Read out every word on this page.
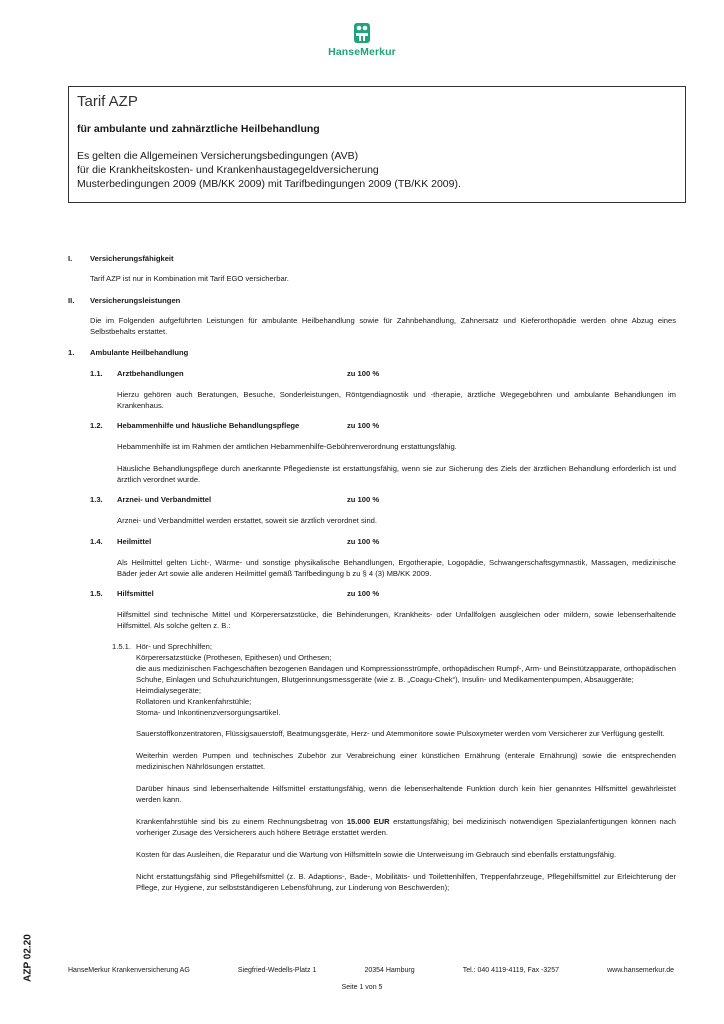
HanseMerkur
Tarif AZP
für ambulante und zahnärztliche Heilbehandlung
Es gelten die Allgemeinen Versicherungsbedingungen (AVB)
für die Krankheitskosten- und Krankenhaustagegeldversicherung
Musterbedingungen 2009 (MB/KK 2009) mit Tarifbedingungen 2009 (TB/KK 2009).
I.	Versicherungsfähigkeit

Tarif AZP ist nur in Kombination mit Tarif EGO versicherbar.

II.	Versicherungsleistungen

Die im Folgenden aufgeführten Leistungen für ambulante Heilbehandlung sowie für Zahnbehandlung, Zahnersatz und Kieferorthopädie werden ohne Abzug eines Selbstbehalts erstattet.

1.	Ambulante Heilbehandlung
1.1.	Arztbehandlungen	zu 100 %

Hierzu gehören auch Beratungen, Besuche, Sonderleistungen, Röntgendiagnostik und -therapie, ärztliche Wegegebühren und ambulante Behandlungen im Krankenhaus.

1.2.	Hebammenhilfe und häusliche Behandlungspflege	zu 100 %

Hebammenhilfe ist im Rahmen der amtlichen Hebammenhilfe-Gebührenverordnung erstattungsfähig.

Häusliche Behandlungspflege durch anerkannte Pflegedienste ist erstattungsfähig, wenn sie zur Sicherung des Ziels der ärztlichen Behandlung erforderlich ist und ärztlich verordnet wurde.

1.3.	Arznei- und Verbandmittel	zu 100 %

Arznei- und Verbandmittel werden erstattet, soweit sie ärztlich verordnet sind.

1.4.	Heilmittel	zu 100 %

Als Heilmittel gelten Licht-, Wärme- und sonstige physikalische Behandlungen, Ergotherapie, Logopädie, Schwangerschaftsgymnastik, Massagen, medizinische Bäder jeder Art sowie alle anderen Heilmittel gemäß Tarifbedingung b zu § 4 (3) MB/KK 2009.

1.5.	Hilfsmittel	zu 100 %

Hilfsmittel sind technische Mittel und Körperersatzstücke, die Behinderungen, Krankheits- oder Unfallfolgen ausgleichen oder mildern, sowie lebenserhaltende Hilfsmittel. Als solche gelten z. B.:

1.5.1. Hör- und Sprechhilfen;
Körperersatzstücke (Prothesen, Epithesen) und Orthesen;
die aus medizinischen Fachgeschäften bezogenen Bandagen und Kompressionsstrümpfe, orthopädischen Rumpf-, Arm- und Beinstützapparate, orthopädischen Schuhe, Einlagen und Schuhzurichtungen, Blutgerinnungsmessgeräte (wie z. B. „Coagu-Chek“), Insulin- und Medikamentenpumpen, Absauggeräte;
Heimdialysegeräte;
Rollatoren und Krankenfahrstühle;
Stoma- und Inkontinenzversorgungsartikel.

Sauerstoffkonzentratoren, Flüssigsauerstoff, Beatmungsgeräte, Herz- und Atemmonitore sowie Pulsoxymeter werden vom Versicherer zur Verfügung gestellt.

Weiterhin werden Pumpen und technisches Zubehör zur Verabreichung einer künstlichen Ernährung (enterale Ernährung) sowie die entsprechenden medizinischen Nährlösungen erstattet.

Darüber hinaus sind lebenserhaltende Hilfsmittel erstattungsfähig, wenn die lebenserhaltende Funktion durch kein hier genanntes Hilfsmittel gewährleistet werden kann.

Krankenfahrstühle sind bis zu einem Rechnungsbetrag von 15.000 EUR erstattungsfähig; bei medizinisch notwendigen Spezialanfertigungen können nach vorheriger Zusage des Versicherers auch höhere Beträge erstattet werden.

Kosten für das Ausleihen, die Reparatur und die Wartung von Hilfsmitteln sowie die Unterweisung im Gebrauch sind ebenfalls erstattungsfähig.

Nicht erstattungsfähig sind Pflegehilfsmittel (z. B. Adaptions-, Bade-, Mobilitäts- und Toilettenhilfen, Treppenfahrzeuge, Pflegehilfsmittel zur Erleichterung der Pflege, zur Hygiene, zur selbstständigeren Lebensführung, zur Linderung von Beschwerden);

AZP 02.20	HanseMerkur Krankenversicherung AG	Siegfried-Wedells-Platz 1	20354 Hamburg	Tel.: 040 4119-4119, Fax -3257	www.hansemerkur.de
Seite 1 von 5
